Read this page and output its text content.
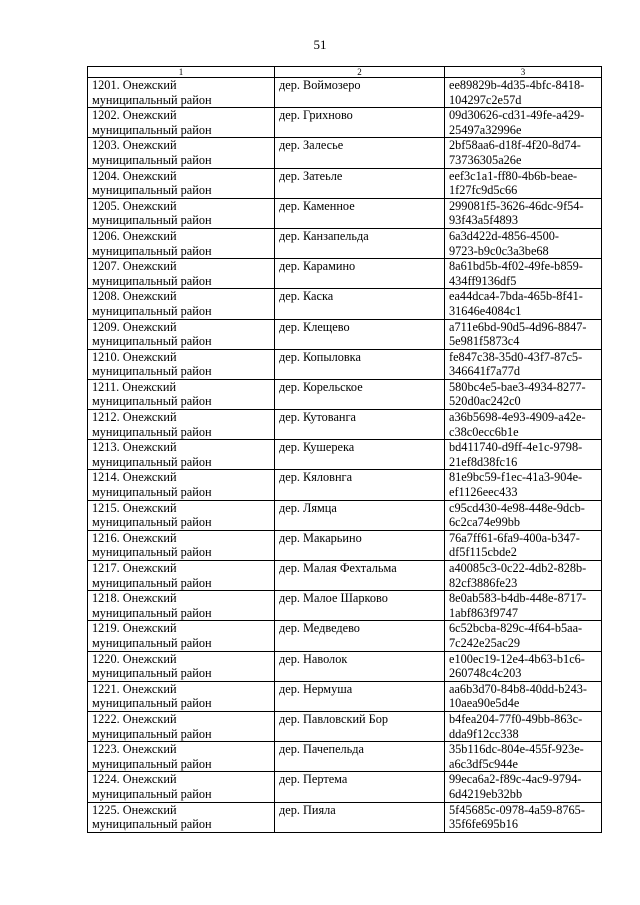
51
1	2	3

1201. Онежский
муниципальный район	дер. Воймозеро	ee89829b-4d35-4bfc-8418-
104297c2e57d

1202. Онежский
муниципальный район	дер. Грихново	09d30626-cd31-49fe-a429-
25497a32996e

1203. Онежский
муниципальный район	дер. Залесье	2bf58aa6-d18f-4f20-8d74-
73736305a26e

1204. Онежский
муниципальный район	дер. Затеьле	eef3c1a1-ff80-4b6b-beae-
1f27fc9d5c66

1205. Онежский
муниципальный район	дер. Каменное	299081f5-3626-46dc-9f54-
93f43a5f4893

1206. Онежский
муниципальный район	дер. Канзапельда	6a3d422d-4856-4500-
9723-b9c0c3a3be68

1207. Онежский
муниципальный район	дер. Карамино	8a61bd5b-4f02-49fe-b859-
434ff9136df5

1208. Онежский
муниципальный район	дер. Каска	ea44dca4-7bda-465b-8f41-
31646e4084c1

1209. Онежский
муниципальный район	дер. Клещево	a711e6bd-90d5-4d96-8847-
5e981f5873c4

1210. Онежский
муниципальный район	дер. Копыловка	fe847c38-35d0-43f7-87c5-
346641f7a77d

1211. Онежский
муниципальный район	дер. Корельское	580bc4e5-bae3-4934-8277-
520d0ac242c0

1212. Онежский
муниципальный район	дер. Кутованга	a36b5698-4e93-4909-a42e-
c38c0ecc6b1e

1213. Онежский
муниципальный район	дер. Кушерека	bd411740-d9ff-4e1c-9798-
21ef8d38fc16

1214. Онежский
муниципальный район	дер. Кяловнга	81e9bc59-f1ec-41a3-904e-
ef1126eec433

1215. Онежский
муниципальный район	дер. Лямца	c95cd430-4e98-448e-9dcb-
6c2ca74e99bb

1216. Онежский
муниципальный район	дер. Макарьино	76a7ff61-6fa9-400a-b347-
df5f115cbde2

1217. Онежский
муниципальный район	дер. Малая Фехтальма	a40085c3-0c22-4db2-828b-
82cf3886fe23

1218. Онежский
муниципальный район	дер. Малое Шарково	8e0ab583-b4db-448e-8717-
1abf863f9747

1219. Онежский
муниципальный район	дер. Медведево	6c52bcba-829c-4f64-b5aa-
7c242e25ac29

1220. Онежский
муниципальный район	дер. Наволок	e100ec19-12e4-4b63-b1c6-
260748c4c203

1221. Онежский
муниципальный район	дер. Нермуша	aa6b3d70-84b8-40dd-b243-
10aea90e5d4e

1222. Онежский
муниципальный район	дер. Павловский Бор	b4fea204-77f0-49bb-863c-
dda9f12cc338

1223. Онежский
муниципальный район	дер. Пачепельда	35b116dc-804e-455f-923e-
a6c3df5c944e

1224. Онежский
муниципальный район	дер. Пертема	99eca6a2-f89c-4ac9-9794-
6d4219eb32bb

1225. Онежский
муниципальный район	дер. Пияла	5f45685c-0978-4a59-8765-
35f6fe695b16
